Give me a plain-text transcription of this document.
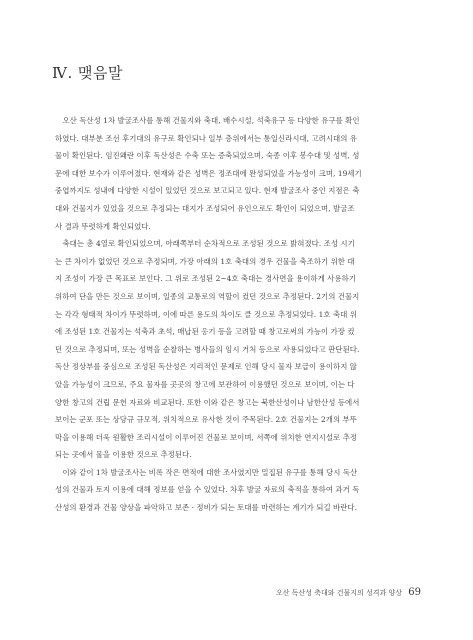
Ⅳ. 맺음말
　오산 독산성 1차 발굴조사를 통해 건물지와 축대, 배수시설, 석축유구 등 다양한 유구를 확인
하였다. 대부분 조선 후기대의 유구로 확인되나 일부 층위에서는 통일신라시대, 고려시대의 유
물이 확인된다. 임진왜란 이후 독산성은 수축 또는 증축되었으며, 숙종 이후 봉수대 및 성벽, 성
문에 대한 보수가 이루어졌다. 현재와 같은 성벽은 정조대에 완성되었을 가능성이 크며, 19세기
중엽까지도 성내에 다양한 시설이 있었던 것으로 보고되고 있다. 현재 발굴조사 중인 지점은 축
대와 건물지가 있었을 것으로 추정되는 대지가 조성되어 유인으로도 확인이 되었으며, 발굴조
사 결과 뚜렷하게 확인되었다.
　축대는 총 4열로 확인되었으며, 아래쪽부터 순차적으로 조성된 것으로 밝혀졌다. 조성 시기
는 큰 차이가 없었던 것으로 추정되며, 가장 아래의 1호 축대의 경우 건물을 축조하기 위한 대
지 조성이 가장 큰 목표로 보인다. 그 위로 조성된 2~4호 축대는 경사면을 용이하게 사용하기
위하여 단을 만든 것으로 보이며, 일종의 교통로의 역할이 컸던 것으로 추정된다. 2기의 건물지
는 각각 형태적 차이가 뚜렷하며, 이에 따른 용도의 차이도 클 것으로 추정되었다. 1호 축대 위
에 조성된 1호 건물지는 석축과 초석, 매납된 옹기 등을 고려할 때 창고로써의 가능이 가장 컸
던 것으로 추정되며, 또는 성벽을 순찰하는 병사들의 임시 거처 등으로 사용되었다고 판단된다.
독산 정상부를 중심으로 조성된 독산성은 지리적인 문제로 인해 당시 물자 보급이 용이하지 않
았을 가능성이 크므로, 주요 물자를 곳곳의 창고에 보관하여 이용했던 것으로 보이며, 이는 다
양한 창고의 건립 문헌 자료와 비교된다. 또한 이와 같은 창고는 북한산성이나 남한산성 등에서
보이는 군포 또는 상당규 규모적, 위치적으로 유사한 것이 주목된다. 2호 건물지는 2개의 부뚜
막을 이용해 더욱 원활한 조리시설이 이루어진 건물로 보이며, 서쪽에 위치한 연지시설로 추정
되는 곳에서 물을 이용한 것으로 추정된다.
　이와 같이 1차 발굴조사는 비록 작은 면적에 대한 조사였지만 밀집된 유구를 통해 당시 독산
성의 건물과 토지 이용에 대해 정보를 얻을 수 있었다. 차후 발굴 자료의 축적을 통하여 과거 독
산성의 환경과 건물 양상을 파악하고 보존 · 정비가 되는 토대를 마련하는 계기가 되길 바란다.
오산 독산성 축대와 건물지의 성격과 양상 69
